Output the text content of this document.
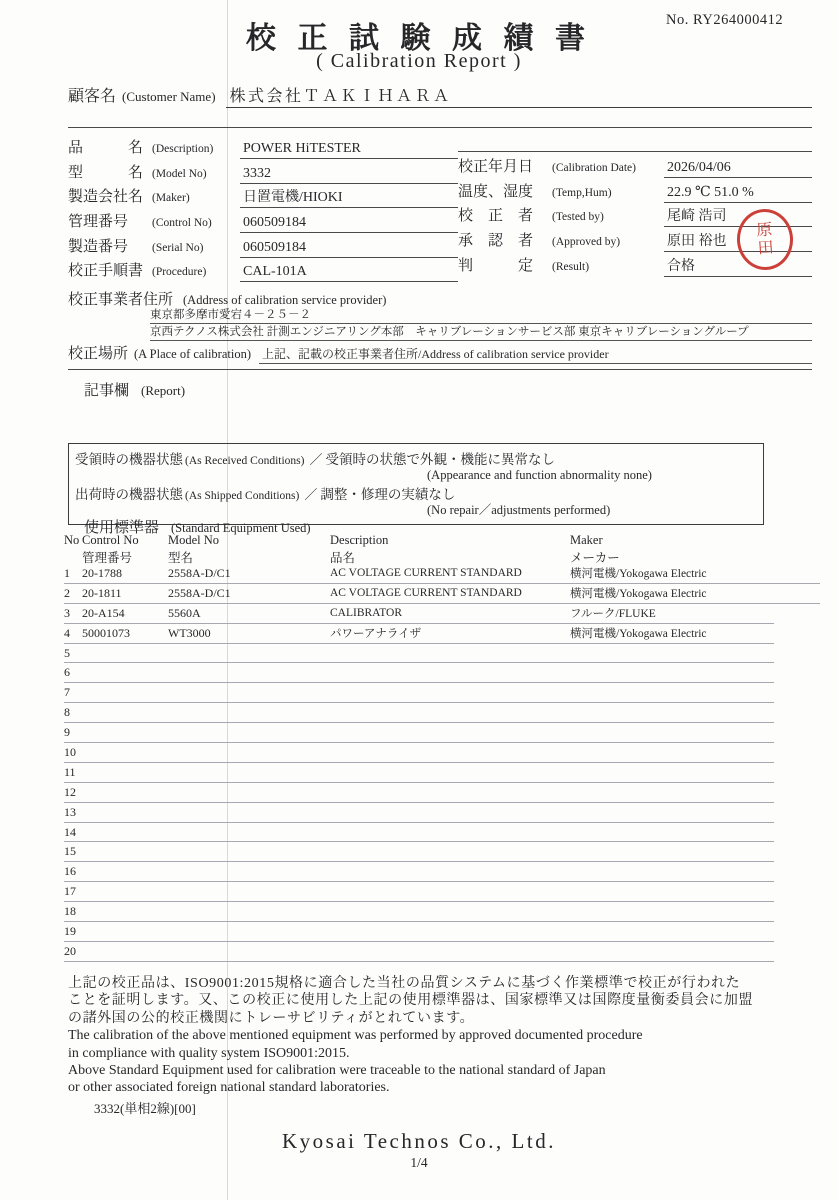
No. RY264000412
校 正 試 験 成 績 書
( Calibration Report )
顧客名 (Customer Name) 株式会社ＴＡＫＩＨＡＲＡ
品　　　名 (Description)	POWER HiTESTER
型　　　名 (Model No)	3332
製造会社名 (Maker)	日置電機/HIOKI
管理番号	(Control No)	060509184
製造番号	(Serial No)	060509184
校正手順書 (Procedure)	CAL-101A
校正年月日	(Calibration Date)	2026/04/06
温度、湿度	(Temp,Hum)	22.9 ℃ 51.0 %
校　正　者	(Tested by)	尾崎 浩司
承　認　者	(Approved by)	原田 裕也
判　　　定	(Result)	合格
原
田
校正事業者住所 (Address of calibration service provider)
東京都多摩市愛宕４－２５－２
京西テクノス株式会社 計測エンジニアリング本部　キャリブレーションサービス部 東京キャリブレーショングループ
校正場所 (A Place of calibration) 上記、記載の校正事業者住所/Address of calibration service provider
記事欄 (Report)
受領時の機器状態 (As Received Conditions) ／ 受領時の状態で外観・機能に異常なし
(Appearance and function abnormality none)
出荷時の機器状態 (As Shipped Conditions) ／ 調整・修理の実績なし
(No repair／adjustments performed)
使用標準器 (Standard Equipment Used)
No Control No	Model No	Description	Maker
管理番号	型名	品名	メーカー
1	20-1788	2558A-D/C1	AC VOLTAGE CURRENT STANDARD	横河電機/Yokogawa Electric
2	20-1811	2558A-D/C1	AC VOLTAGE CURRENT STANDARD	横河電機/Yokogawa Electric
3	20-A154	5560A	CALIBRATOR	フルーク/FLUKE
4	50001073	WT3000	パワーアナライザ	横河電機/Yokogawa Electric
5
6
7
8
9
10
11
12
13
14
15
16
17
18
19
20
上記の校正品は、ISO9001:2015規格に適合した当社の品質システムに基づく作業標準で校正が行われた
ことを証明します。又、この校正に使用した上記の使用標準器は、国家標準又は国際度量衡委員会に加盟
の諸外国の公的校正機関にトレーサビリティがとれています。
The calibration of the above mentioned equipment was performed by approved documented procedure
in compliance with quality system ISO9001:2015.
Above Standard Equipment used for calibration were traceable to the national standard of Japan
or other associated foreign national standard laboratories.
3332(単相2線)[00]
Kyosai Technos Co., Ltd.
1/4
